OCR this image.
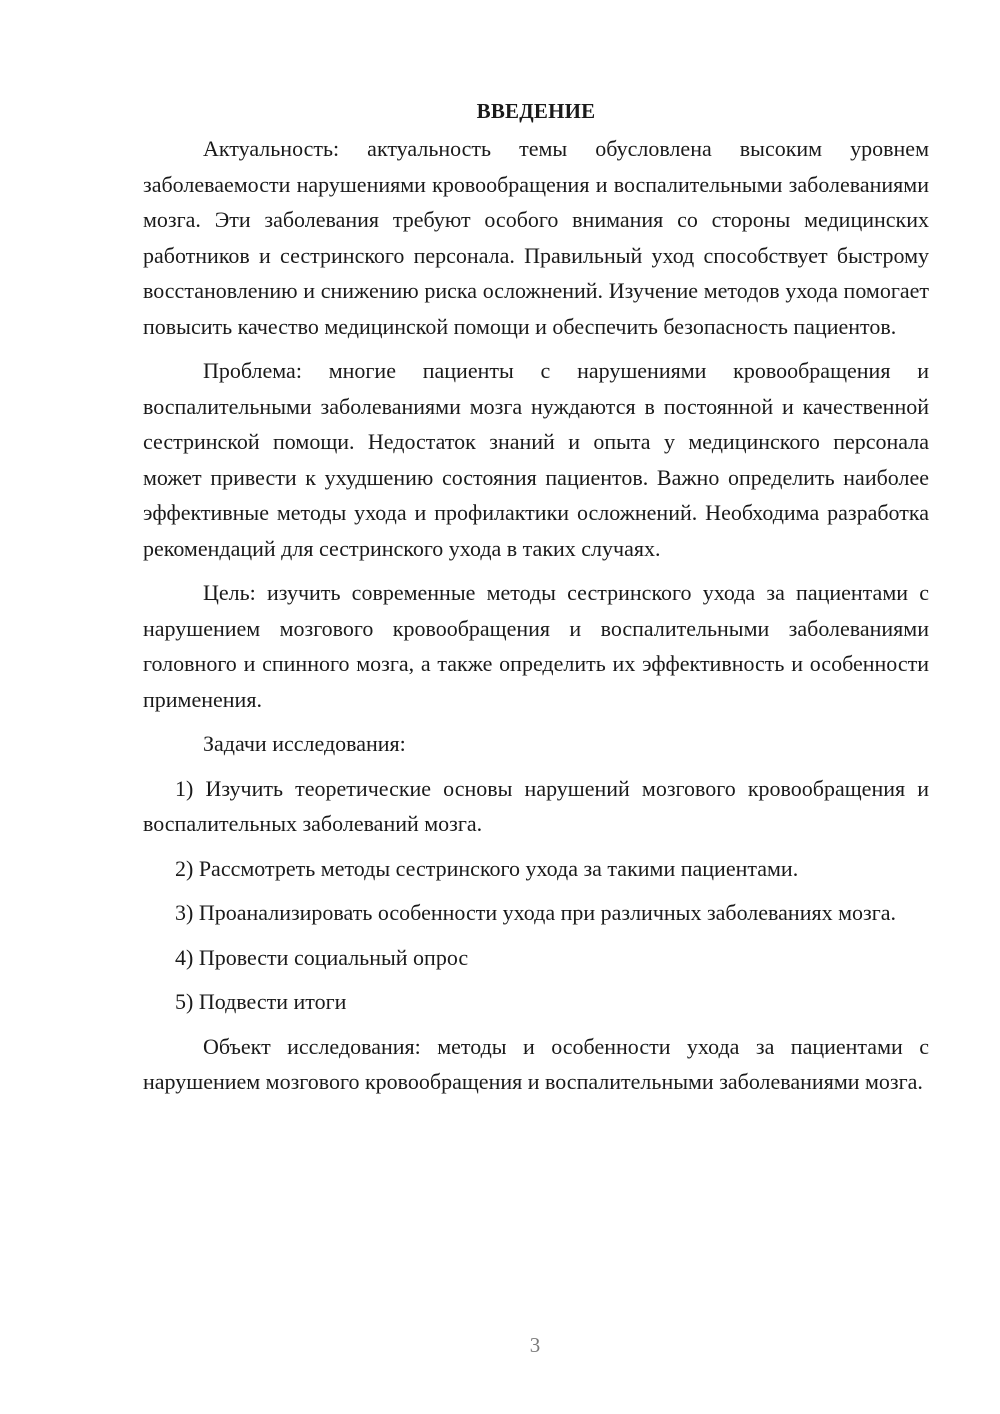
ВВЕДЕНИЕ

Актуальность: актуальность темы обусловлена высоким уровнем заболеваемости нарушениями кровообращения и воспалительными заболеваниями мозга. Эти заболевания требуют особого внимания со стороны медицинских работников и сестринского персонала. Правильный уход способствует быстрому восстановлению и снижению риска осложнений. Изучение методов ухода помогает повысить качество медицинской помощи и обеспечить безопасность пациентов.

Проблема: многие пациенты с нарушениями кровообращения и воспалительными заболеваниями мозга нуждаются в постоянной и качественной сестринской помощи. Недостаток знаний и опыта у медицинского персонала может привести к ухудшению состояния пациентов. Важно определить наиболее эффективные методы ухода и профилактики осложнений. Необходима разработка рекомендаций для сестринского ухода в таких случаях.

Цель: изучить современные методы сестринского ухода за пациентами с нарушением мозгового кровообращения и воспалительными заболеваниями головного и спинного мозга, а также определить их эффективность и особенности применения.

Задачи исследования:

1) Изучить теоретические основы нарушений мозгового кровообращения и воспалительных заболеваний мозга.

2) Рассмотреть методы сестринского ухода за такими пациентами.

3) Проанализировать особенности ухода при различных заболеваниях мозга.

4) Провести социальный опрос

5) Подвести итоги

Объект исследования: методы и особенности ухода за пациентами с нарушением мозгового кровообращения и воспалительными заболеваниями мозга.

3
